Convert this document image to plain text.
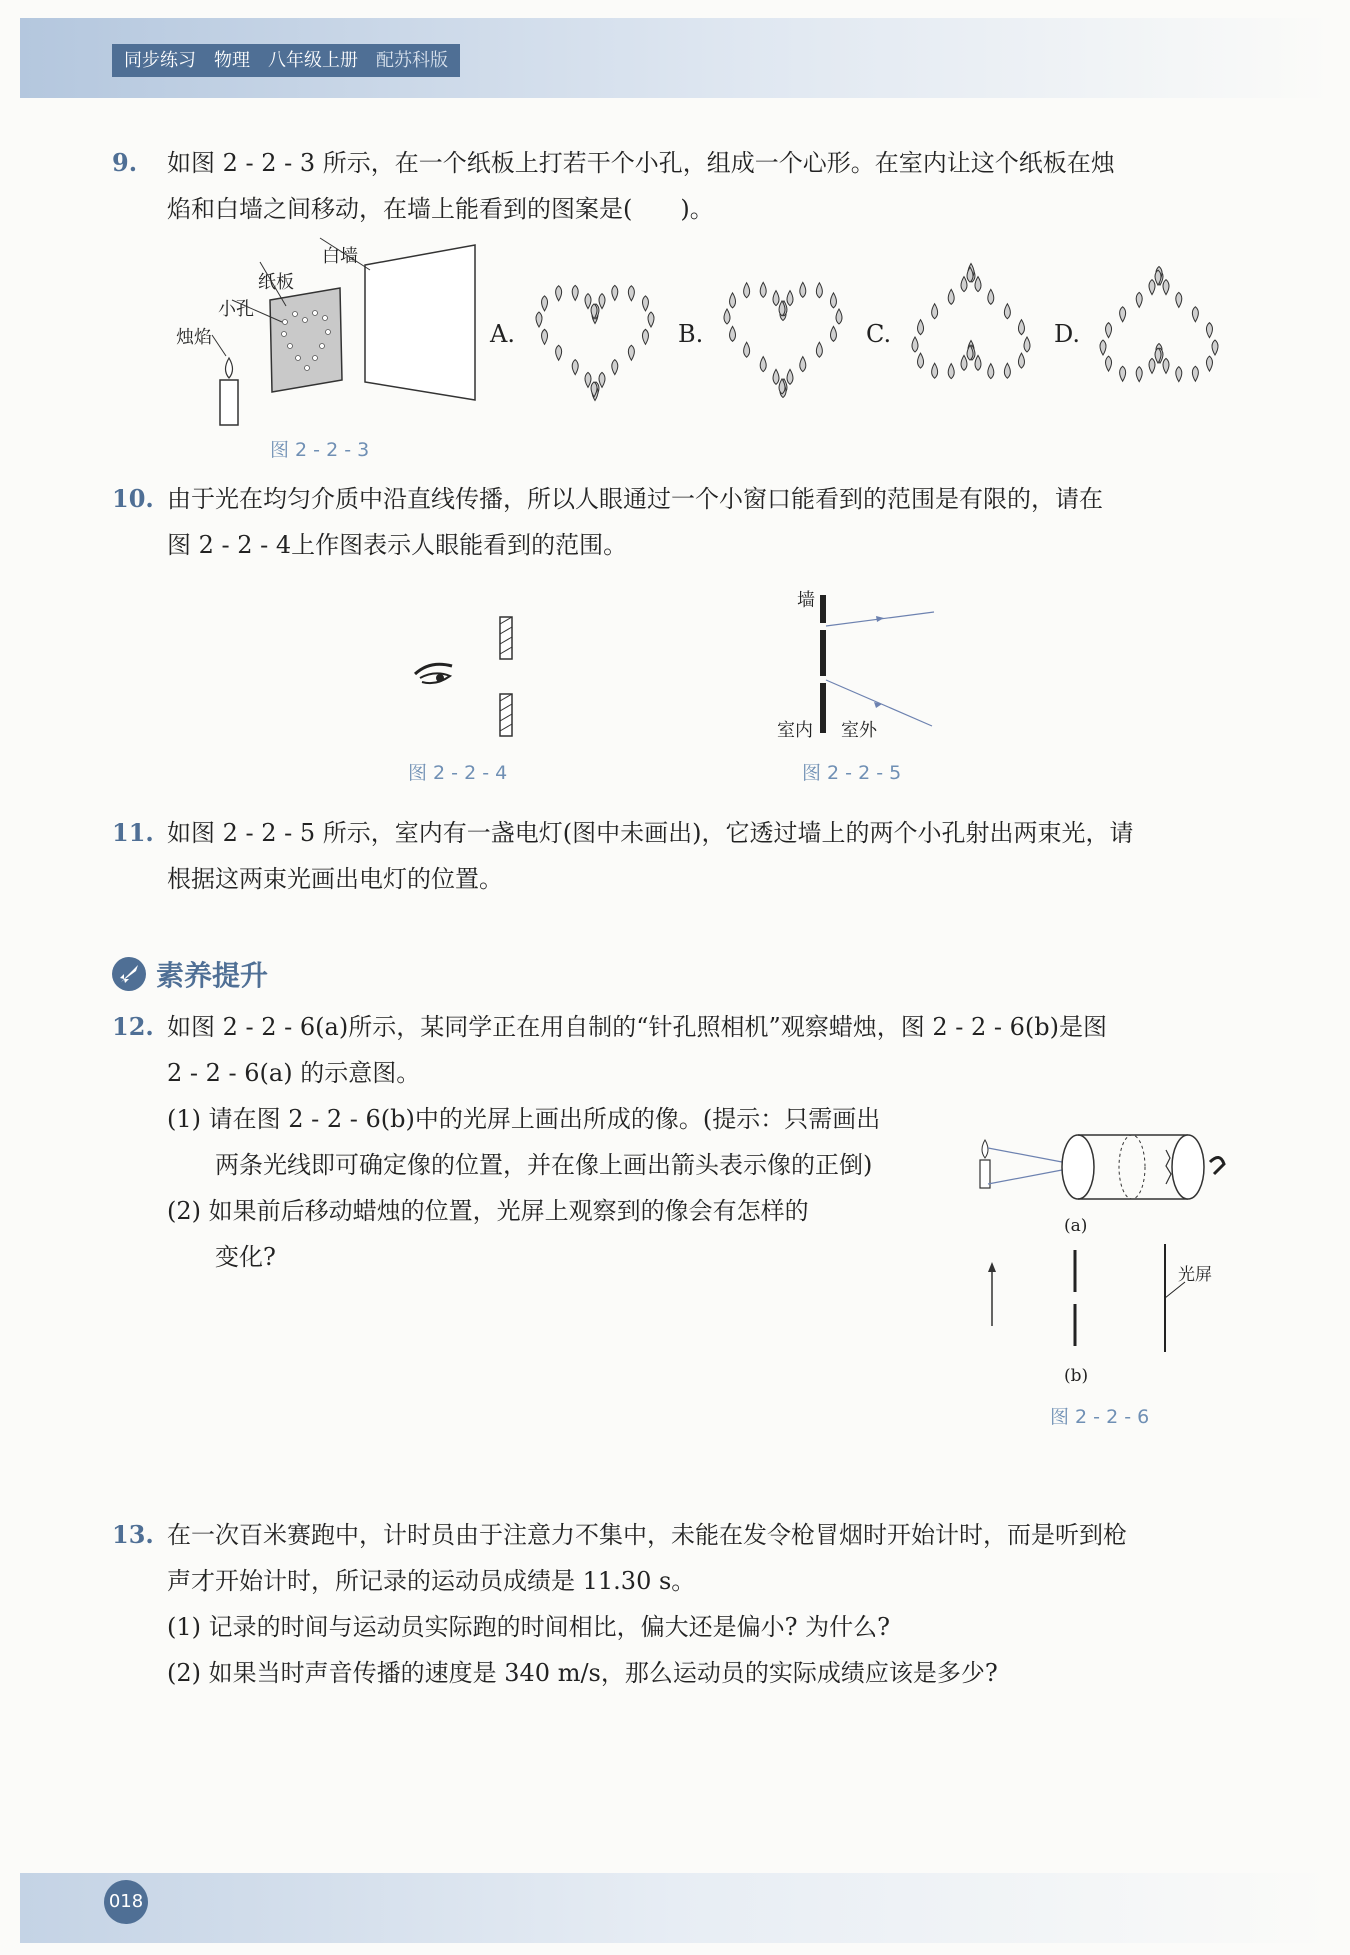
同步练习 物理 八年级上册 配苏科版
9. 如图 2 - 2 - 3 所示，在一个纸板上打若干个小孔，组成一个心形。在室内让这个纸板在烛
焰和白墙之间移动，在墙上能看到的图案是(　　)。
白墙
纸板
小孔
烛焰	A.	B.	C.	D.
图 2 - 2 - 3
10. 由于光在均匀介质中沿直线传播，所以人眼通过一个小窗口能看到的范围是有限的，请在
图 2 - 2 - 4上作图表示人眼能看到的范围。
图 2 - 2 - 4
墙
室内 室外
图 2 - 2 - 5
11. 如图 2 - 2 - 5 所示，室内有一盏电灯(图中未画出)，它透过墙上的两个小孔射出两束光，请
根据这两束光画出电灯的位置。
素养提升
12. 如图 2 - 2 - 6(a)所示，某同学正在用自制的“针孔照相机”观察蜡烛，图 2 - 2 - 6(b)是图
2 - 2 - 6(a) 的示意图。
(1) 请在图 2 - 2 - 6(b)中的光屏上画出所成的像。(提示：只需画出
两条光线即可确定像的位置，并在像上画出箭头表示像的正倒)
(2) 如果前后移动蜡烛的位置，光屏上观察到的像会有怎样的
变化?
(a)
光屏
(b)
图 2 - 2 - 6
13. 在一次百米赛跑中，计时员由于注意力不集中，未能在发令枪冒烟时开始计时，而是听到枪
声才开始计时，所记录的运动员成绩是 11.30 s。
(1) 记录的时间与运动员实际跑的时间相比，偏大还是偏小? 为什么?
(2) 如果当时声音传播的速度是 340 m/s，那么运动员的实际成绩应该是多少?
018
